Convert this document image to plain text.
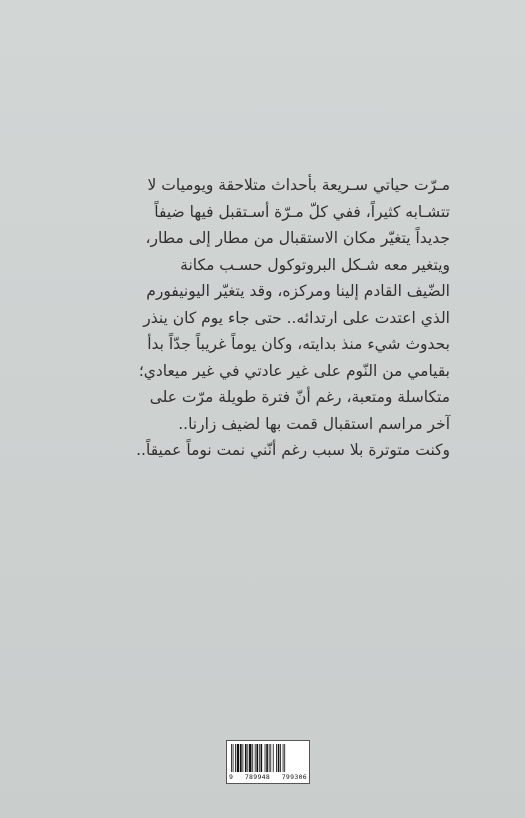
مـرّت حياتي سـريعة بأحداث متلاحقة ويوميات لا
تتشـابه كثيراً، ففي كلّ مـرّة أسـتقبل فيها ضيفاً
جديداً يتغيّر مكان الاستقبال من مطار إلى مطار،
ويتغير معه شـكل البروتوكول حسـب مكانة
الضّيف القادم إلينا ومركزه، وقد يتغيّر اليونيفورم
الذي اعتدت على ارتدائه.. حتى جاء يوم كان ينذر
بحدوث شيء منذ بدايته، وكان يوماً غريباً جدّاً بدأ
بقيامي من النّوم على غير عادتي في غير ميعادي؛
متكاسلة ومتعبة، رغم أنّ فترة طويلة مرّت على
آخر مراسم استقبال قمت بها لضيف زارنا..
وكنت متوترة بلا سبب رغم أنّني نمت نوماً عميقاً..
9 789948 799306
